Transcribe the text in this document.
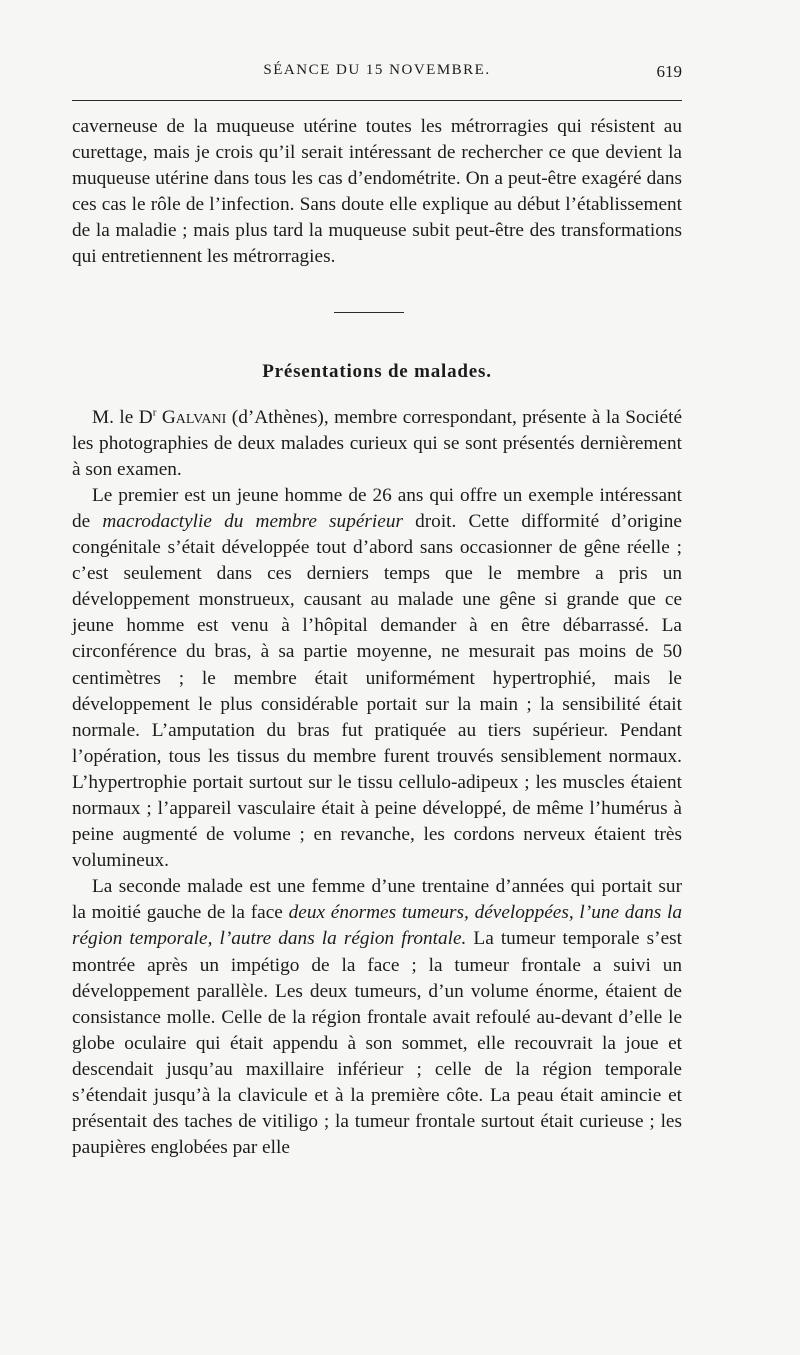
SÉANCE DU 15 NOVEMBRE.	619

caverneuse de la muqueuse utérine toutes les métrorragies qui résistent au curettage, mais je crois qu’il serait intéressant de rechercher ce que devient la muqueuse utérine dans tous les cas d’endométrite. On a peut-être exagéré dans ces cas le rôle de l’infection. Sans doute elle explique au début l’établissement de la maladie ; mais plus tard la muqueuse subit peut-être des transformations qui entretiennent les métrorragies.

Présentations de malades.

M. le $D^r$ Galvani (d’Athènes), membre correspondant, présente à la Société les photographies de deux malades curieux qui se sont présentés dernièrement à son examen.

Le premier est un jeune homme de 26 ans qui offre un exemple intéressant de macrodactylie du membre supérieur droit. Cette difformité d’origine congénitale s’était développée tout d’abord sans occasionner de gêne réelle ; c’est seulement dans ces derniers temps que le membre a pris un développement monstrueux, causant au malade une gêne si grande que ce jeune homme est venu à l’hôpital demander à en être débarrassé. La circonférence du bras, à sa partie moyenne, ne mesurait pas moins de 50 centimètres ; le membre était uniformément hypertrophié, mais le développement le plus considérable portait sur la main ; la sensibilité était normale. L’amputation du bras fut pratiquée au tiers supérieur. Pendant l’opération, tous les tissus du membre furent trouvés sensiblement normaux. L’hypertrophie portait surtout sur le tissu cellulo-adipeux ; les muscles étaient normaux ; l’appareil vasculaire était à peine développé, de même l’humérus à peine augmenté de volume ; en revanche, les cordons nerveux étaient très volumineux.

La seconde malade est une femme d’une trentaine d’années qui portait sur la moitié gauche de la face deux énormes tumeurs, développées, l’une dans la région temporale, l’autre dans la région frontale. La tumeur temporale s’est montrée après un impétigo de la face ; la tumeur frontale a suivi un développement parallèle. Les deux tumeurs, d’un volume énorme, étaient de consistance molle. Celle de la région frontale avait refoulé au-devant d’elle le globe oculaire qui était appendu à son sommet, elle recouvrait la joue et descendait jusqu’au maxillaire inférieur ; celle de la région temporale s’étendait jusqu’à la clavicule et à la première côte. La peau était amincie et présentait des taches de vitiligo ; la tumeur frontale surtout était curieuse ; les paupières englobées par elle
